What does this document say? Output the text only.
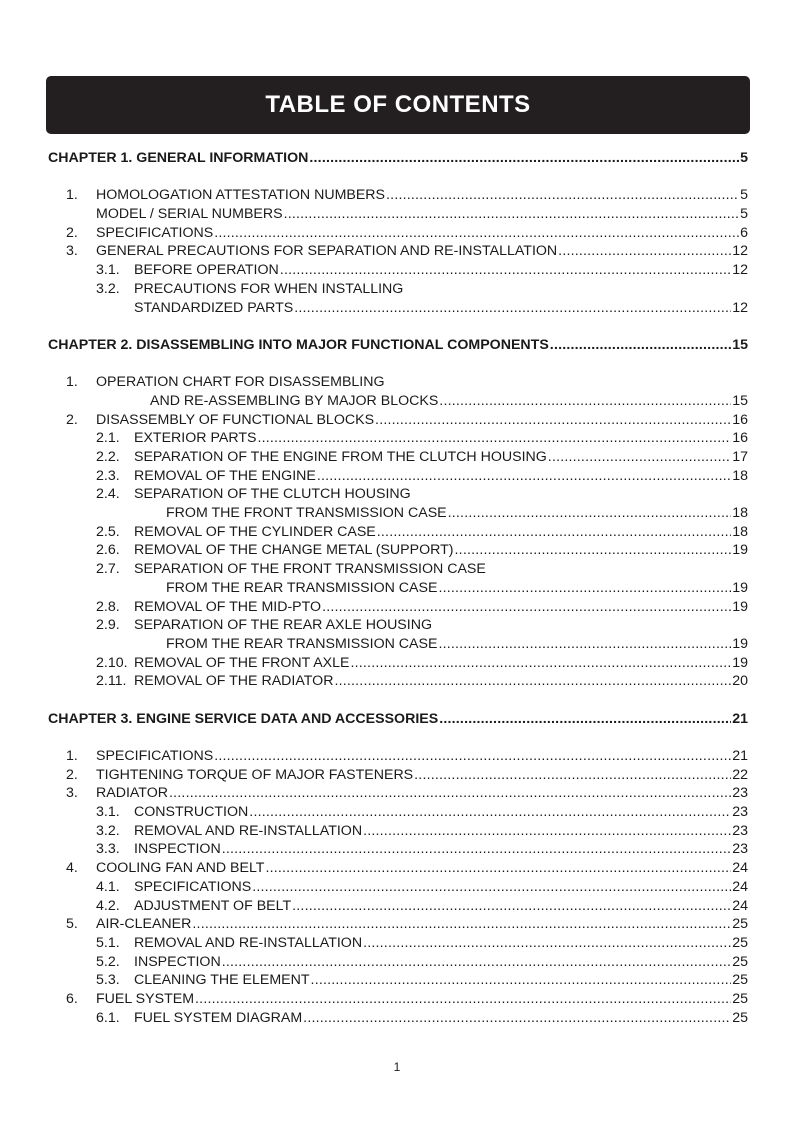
TABLE OF CONTENTS
CHAPTER 1. GENERAL INFORMATION .....	5
1.	HOMOLOGATION ATTESTATION NUMBERS .....	5
MODEL / SERIAL NUMBERS .....	5
2.	SPECIFICATIONS .....	6
3.	GENERAL PRECAUTIONS FOR SEPARATION AND RE-INSTALLATION .....	12
3.1.	BEFORE OPERATION .....	12
3.2.	PRECAUTIONS FOR WHEN INSTALLING
STANDARDIZED PARTS .....	12
CHAPTER 2. DISASSEMBLING INTO MAJOR FUNCTIONAL COMPONENTS .....	15
1.	OPERATION CHART FOR DISASSEMBLING
AND RE-ASSEMBLING BY MAJOR BLOCKS .....	15
2.	DISASSEMBLY OF FUNCTIONAL BLOCKS .....	16
2.1.	EXTERIOR PARTS .....	16
2.2.	SEPARATION OF THE ENGINE FROM THE CLUTCH HOUSING .....	17
2.3.	REMOVAL OF THE ENGINE .....	18
2.4.	SEPARATION OF THE CLUTCH HOUSING
FROM THE FRONT TRANSMISSION CASE .....	18
2.5.	REMOVAL OF THE CYLINDER CASE .....	18
2.6.	REMOVAL OF THE CHANGE METAL (SUPPORT) .....	19
2.7.	SEPARATION OF THE FRONT TRANSMISSION CASE
FROM THE REAR TRANSMISSION CASE .....	19
2.8.	REMOVAL OF THE MID-PTO .....	19
2.9.	SEPARATION OF THE REAR AXLE HOUSING
FROM THE REAR TRANSMISSION CASE .....	19
2.10. REMOVAL OF THE FRONT AXLE .....	19
2.11. REMOVAL OF THE RADIATOR .....	20
CHAPTER 3. ENGINE SERVICE DATA AND ACCESSORIES .....	21
1.	SPECIFICATIONS .....	21
2.	TIGHTENING TORQUE OF MAJOR FASTENERS .....	22
3.	RADIATOR .....	23
3.1.	CONSTRUCTION .....	23
3.2.	REMOVAL AND RE-INSTALLATION .....	23
3.3.	INSPECTION .....	23
4.	COOLING FAN AND BELT .....	24
4.1.	SPECIFICATIONS .....	24
4.2.	ADJUSTMENT OF BELT .....	24
5.	AIR-CLEANER .....	25
5.1.	REMOVAL AND RE-INSTALLATION .....	25
5.2.	INSPECTION .....	25
5.3.	CLEANING THE ELEMENT .....	25
6.	FUEL SYSTEM .....	25
6.1.	FUEL SYSTEM DIAGRAM .....	25
1
